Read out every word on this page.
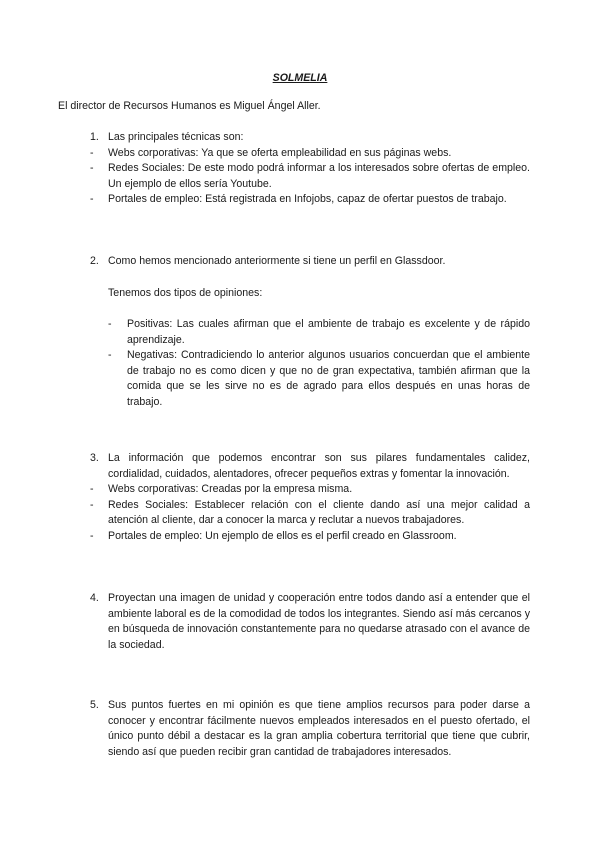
SOLMELIA
El director de Recursos Humanos es Miguel Ángel Aller.
1. Las principales técnicas son:
- Webs corporativas: Ya que se oferta empleabilidad en sus páginas webs.
- Redes Sociales: De este modo podrá informar a los interesados sobre ofertas de empleo. Un ejemplo de ellos sería Youtube.
- Portales de empleo: Está registrada en Infojobs, capaz de ofertar puestos de trabajo.
2. Como hemos mencionado anteriormente si tiene un perfil en Glassdoor.
Tenemos dos tipos de opiniones:
- Positivas: Las cuales afirman que el ambiente de trabajo es excelente y de rápido aprendizaje.
- Negativas: Contradiciendo lo anterior algunos usuarios concuerdan que el ambiente de trabajo no es como dicen y que no de gran expectativa, también afirman que la comida que se les sirve no es de agrado para ellos después en unas horas de trabajo.
3. La información que podemos encontrar son sus pilares fundamentales calidez, cordialidad, cuidados, alentadores, ofrecer pequeños extras y fomentar la innovación.
- Webs corporativas: Creadas por la empresa misma.
- Redes Sociales: Establecer relación con el cliente dando así una mejor calidad a atención al cliente, dar a conocer la marca y reclutar a nuevos trabajadores.
- Portales de empleo: Un ejemplo de ellos es el perfil creado en Glassroom.
4. Proyectan una imagen de unidad y cooperación entre todos dando así a entender que el ambiente laboral es de la comodidad de todos los integrantes. Siendo así más cercanos y en búsqueda de innovación constantemente para no quedarse atrasado con el avance de la sociedad.
5. Sus puntos fuertes en mi opinión es que tiene amplios recursos para poder darse a conocer y encontrar fácilmente nuevos empleados interesados en el puesto ofertado, el único punto débil a destacar es la gran amplia cobertura territorial que tiene que cubrir, siendo así que pueden recibir gran cantidad de trabajadores interesados.
